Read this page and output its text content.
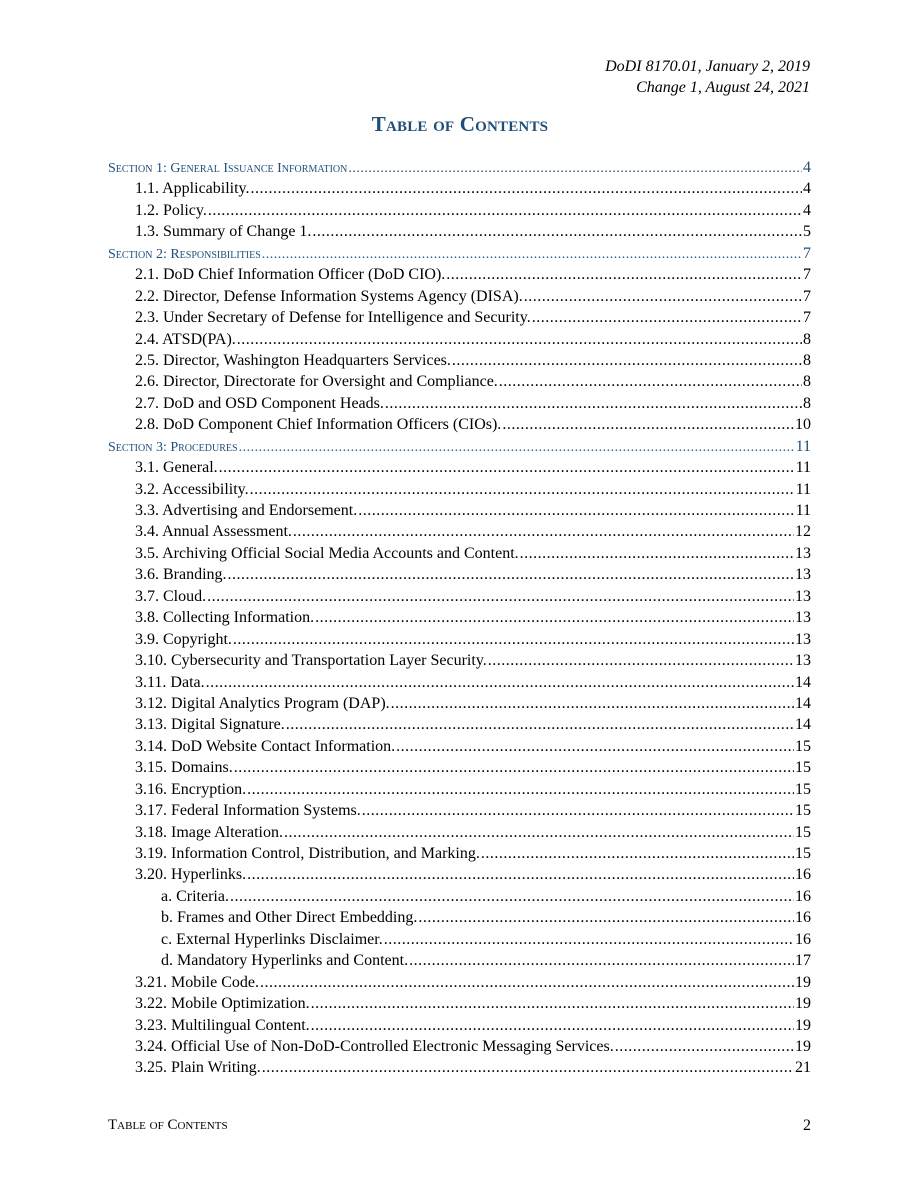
DoDI 8170.01, January 2, 2019
Change 1, August 24, 2021
Table of Contents
Section 1: General Issuance Information .....	4
1.1. Applicability. .....	4
1.2. Policy. .....	4
1.3. Summary of Change 1. .....	5
Section 2: Responsibilities .....	7
2.1. DoD Chief Information Officer (DoD CIO). .....	7
2.2. Director, Defense Information Systems Agency (DISA). .....	7
2.3. Under Secretary of Defense for Intelligence and Security. .....	7
2.4. ATSD(PA). .....	8
2.5. Director, Washington Headquarters Services. .....	8
2.6. Director, Directorate for Oversight and Compliance. .....	8
2.7. DoD and OSD Component Heads. .....	8
2.8. DoD Component Chief Information Officers (CIOs). .....	10
Section 3: Procedures .....	11
3.1. General. .....	11
3.2. Accessibility. .....	11
3.3. Advertising and Endorsement. .....	11
3.4. Annual Assessment. .....	12
3.5. Archiving Official Social Media Accounts and Content. .....	13
3.6. Branding. .....	13
3.7. Cloud. .....	13
3.8. Collecting Information. .....	13
3.9. Copyright. .....	13
3.10. Cybersecurity and Transportation Layer Security. .....	13
3.11. Data. .....	14
3.12. Digital Analytics Program (DAP). .....	14
3.13. Digital Signature. .....	14
3.14. DoD Website Contact Information. .....	15
3.15. Domains. .....	15
3.16. Encryption. .....	15
3.17. Federal Information Systems. .....	15
3.18. Image Alteration. .....	15
3.19. Information Control, Distribution, and Marking. .....	15
3.20. Hyperlinks. .....	16
a. Criteria. .....	16
b. Frames and Other Direct Embedding. .....	16
c. External Hyperlinks Disclaimer. .....	16
d. Mandatory Hyperlinks and Content. .....	17
3.21. Mobile Code. .....	19
3.22. Mobile Optimization. .....	19
3.23. Multilingual Content. .....	19
3.24. Official Use of Non-DoD-Controlled Electronic Messaging Services. .....	19
3.25. Plain Writing. .....	21
Table of Contents	2
